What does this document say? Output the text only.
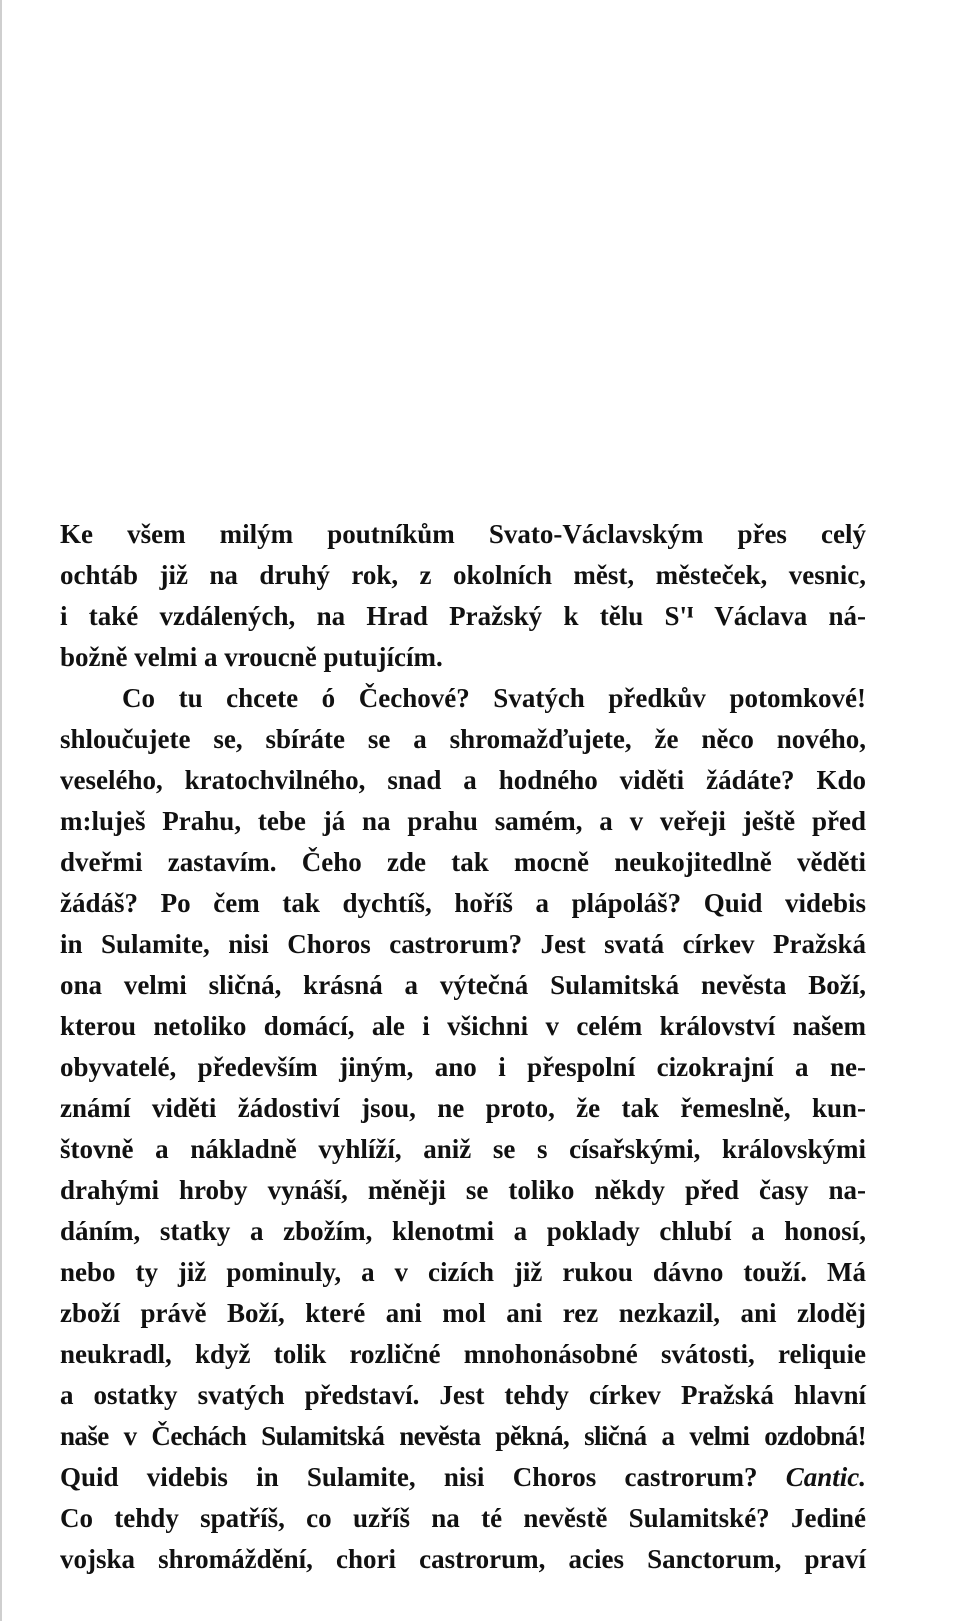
Ke všem milým poutníkům Svato-Václavským přes celý
ochtáb již na druhý rok, z okolních měst, městeček, vesnic,
i také vzdálených, na Hrad Pražský k tělu S'ᴵ Václava ná-
božně velmi a vroucně putujícím.
Co tu chcete ó Čechové? Svatých předkův potomkové!
shloučujete se, sbíráte se a shromažďujete, že něco nového,
veselého, kratochvilného, snad a hodného viděti žádáte? Kdo
m:luješ Prahu, tebe já na prahu samém, a v veřeji ještě před
dveřmi zastavím. Čeho zde tak mocně neukojitedlně věděti
žádáš? Po čem tak dychtíš, hoříš a plápoláš? Quid videbis
in Sulamite, nisi Choros castrorum? Jest svatá církev Pražská
ona velmi sličná, krásná a výtečná Sulamitská nevěsta Boží,
kterou netoliko domácí, ale i všichni v celém království našem
obyvatelé, především jiným, ano i přespolní cizokrajní a ne-
známí viděti žádostiví jsou, ne proto, že tak řemeslně, kun-
štovně a nákladně vyhlíží, aniž se s císařskými, královskými
drahými hroby vynáší, měněji se toliko někdy před časy na-
dáním, statky a zbožím, klenotmi a poklady chlubí a honosí,
nebo ty již pominuly, a v cizích již rukou dávno touží. Má
zboží právě Boží, které ani mol ani rez nezkazil, ani zloděj
neukradl, když tolik rozličné mnohonásobné svátosti, reliquie
a ostatky svatých představí. Jest tehdy církev Pražská hlavní
naše v Čechách Sulamitská nevěsta pěkná, sličná a velmi ozdobná!
Quid videbis in Sulamite, nisi Choros castrorum? Cantic.
Co tehdy spatříš, co uzříš na té nevěstě Sulamitské? Jediné
vojska shromáždění, chori castrorum, acies Sanctorum, praví
